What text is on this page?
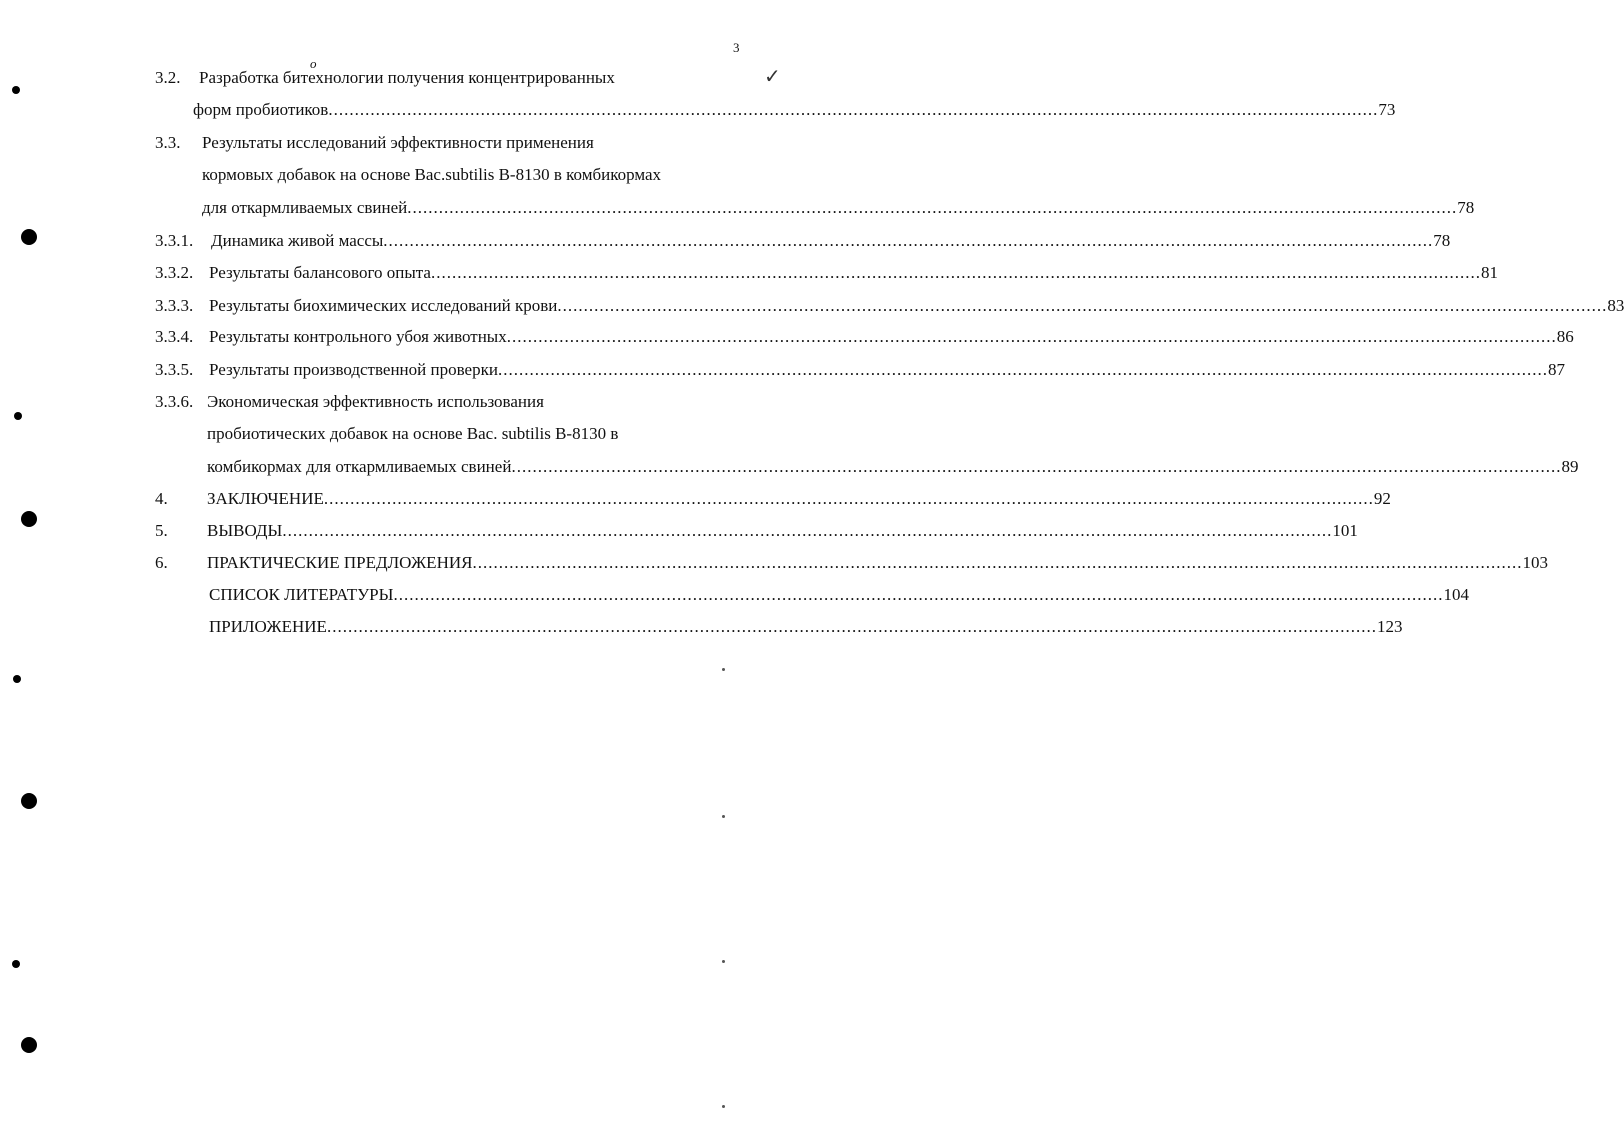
3
✓
о
3.2. Разработка битехнологии получения концентрированных
форм пробиотиков ........................................................................................................................................................................................................ 73
3.3. Результаты исследований эффективности применения
кормовых добавок на основе Bac.subtilis B-8130 в комбикормах
для откармливаемых свиней ........................................................................................................................................................................................................ 78
3.3.1. Динамика живой массы ........................................................................................................................................................................................................ 78
3.3.2. Результаты балансового опыта ........................................................................................................................................................................................................ 81
3.3.3. Результаты биохимических исследований крови ........................................................................................................................................................................................................ 83
3.3.4. Результаты контрольного убоя животных ........................................................................................................................................................................................................ 86
3.3.5. Результаты производственной проверки ........................................................................................................................................................................................................ 87
3.3.6. Экономическая эффективность использования
пробиотических добавок на основе Bac. subtilis B-8130 в
комбикормах для откармливаемых свиней ........................................................................................................................................................................................................ 89
4. ЗАКЛЮЧЕНИЕ ........................................................................................................................................................................................................ 92
5. ВЫВОДЫ ........................................................................................................................................................................................................ 101
6. ПРАКТИЧЕСКИЕ ПРЕДЛОЖЕНИЯ ........................................................................................................................................................................................................ 103
СПИСОК ЛИТЕРАТУРЫ ........................................................................................................................................................................................................ 104
ПРИЛОЖЕНИЕ ........................................................................................................................................................................................................ 123
